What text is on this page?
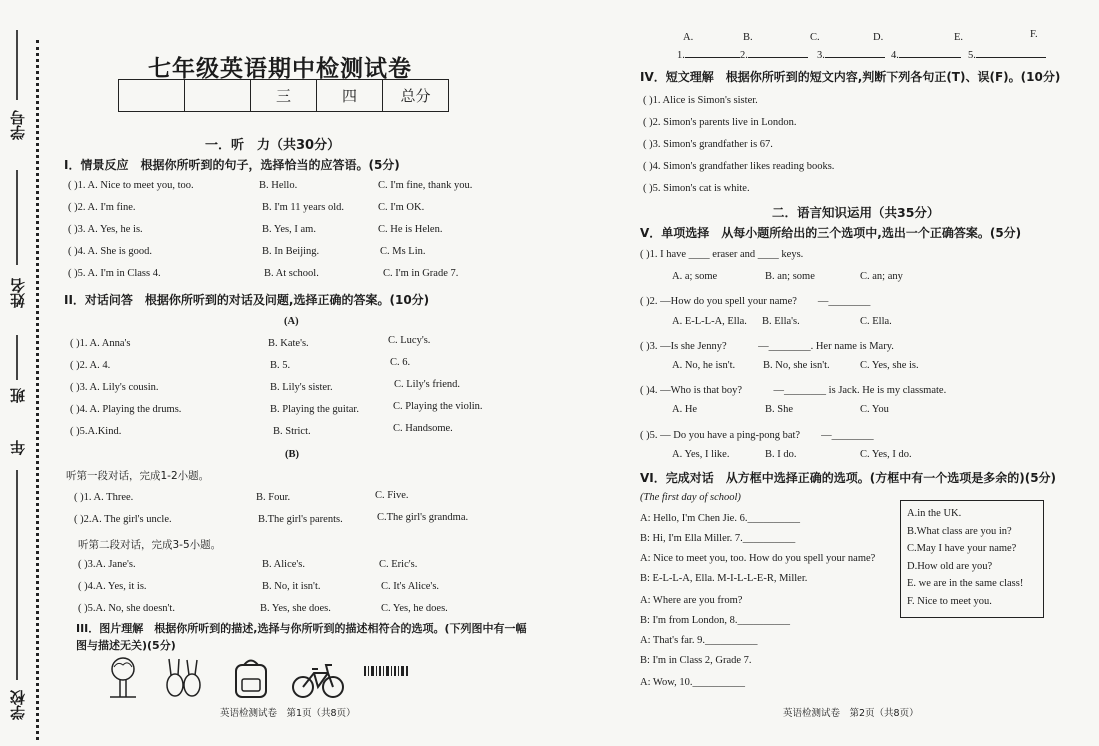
学号
姓名
班
年
学校
七年级英语期中检测试卷
		三	四	总分
一．听　力（共30分）
I．情景反应　根据你所听到的句子，选择恰当的应答语。(5分)
( )1. A. Nice to meet you, too.	B. Hello.	C. I'm fine, thank you.
( )2. A. I'm fine.	B. I'm 11 years old.	C. I'm OK.
( )3. A. Yes, he is.	B. Yes, I am.	C. He is Helen.
( )4. A. She is good.	B. In Beijing.	C. Ms Lin.
( )5. A. I'm in Class 4.	B. At school.	C. I'm in Grade 7.
II．对话问答　根据你所听到的对话及问题,选择正确的答案。(10分)
(A)
( )1. A. Anna's	B. Kate's.	C. Lucy's.
( )2. A. 4.	B. 5.	C. 6.
( )3. A. Lily's cousin.	B. Lily's sister.	C. Lily's friend.
( )4. A. Playing the drums.	B. Playing the guitar.	C. Playing the violin.
( )5.A.Kind.	B. Strict.	C. Handsome.
(B)
听第一段对话，完成1-2小题。
( )1. A. Three.	B. Four.	C. Five.
( )2.A. The girl's uncle.	B.The girl's parents.	C.The girl's grandma.
听第二段对话，完成3-5小题。
( )3.A. Jane's.	B. Alice's.	C. Eric's.
( )4.A. Yes, it is.	B. No, it isn't.	C. It's Alice's.
( )5.A. No, she doesn't.	B. Yes, she does.	C. Yes, he does.
III．图片理解　根据你所听到的描述,选择与你所听到的描述相符合的选项。(下列图中有一幅
图与描述无关)(5分)
英语检测试卷　第1页（共8页）
A.	B.	C.	D.	E.	F.
1.	2.	3.	4.	5.
IV．短文理解　根据你所听到的短文内容,判断下列各句正(T)、误(F)。(10分)
( )1. Alice is Simon's sister.
( )2. Simon's parents live in London.
( )3. Simon's grandfather is 67.
( )4. Simon's grandfather likes reading books.
( )5. Simon's cat is white.
二．语言知识运用（共35分）
V．单项选择　从每小题所给出的三个选项中,选出一个正确答案。(5分)
( )1. I have ____ eraser and ____ keys.
A. a; some	B. an; some	C. an; any
( )2. —How do you spell your name?　　—________
A. E-L-L-A, Ella. B. Ella's.	C. Ella.
( )3. —Is she Jenny?　　　—________. Her name is Mary.
A. No, he isn't.	B. No, she isn't.	C. Yes, she is.
( )4. —Who is that boy?　　　—________ is Jack. He is my classmate.
A. He	B. She	C. You
( )5. — Do you have a ping-pong bat?　　—________
A. Yes, I like.	B. I do.	C. Yes, I do.
VI．完成对话　从方框中选择正确的选项。(方框中有一个选项是多余的)(5分)
(The first day of school)
A: Hello, I'm Chen Jie. 6.__________
B: Hi, I'm Ella Miller. 7.__________
A: Nice to meet you, too. How do you spell your name?
B: E-L-L-A, Ella. M-I-L-L-E-R, Miller.
A: Where are you from?
B: I'm from London, 8.__________
A: That's far. 9.__________
B: I'm in Class 2, Grade 7.
A: Wow, 10.__________
A.in the UK.
B.What class are you in?
C.May I have your name?
D.How old are you?
E. we are in the same class!
F. Nice to meet you.
英语检测试卷　第2页（共8页）
